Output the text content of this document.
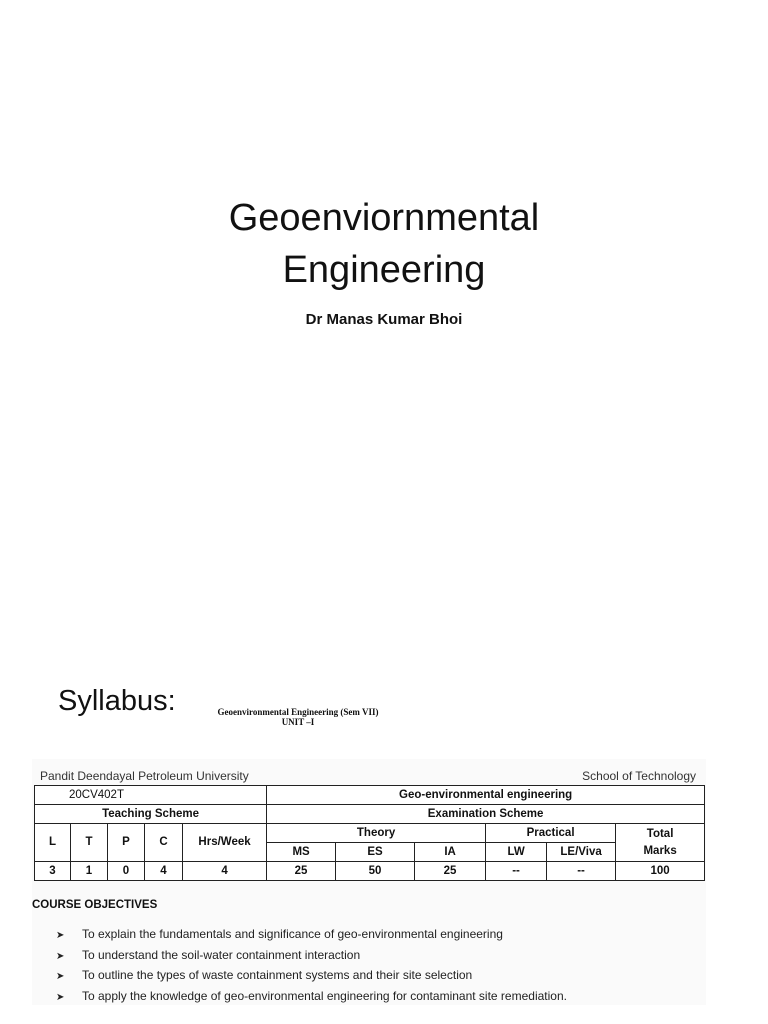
Geoenviornmental
Engineering
Dr Manas Kumar Bhoi
Syllabus:	Geoenvironmental Engineering (Sem VII)
UNIT –I
Pandit Deendayal Petroleum University	School of Technology
20CV402T					Geo-environmental engineering					
Teaching Scheme					Examination Scheme					
L	T	P	C	Hrs/Week	Theory			Practical		Total
Marks

					MS	ES	IA	LW	LE/Viva	
3	1	0	4	4	25	50	25	--	--	100
COURSE OBJECTIVES
➤ To explain the fundamentals and significance of geo-environmental engineering
➤ To understand the soil-water containment interaction
➤ To outline the types of waste containment systems and their site selection
➤ To apply the knowledge of geo-environmental engineering for contaminant site remediation.
